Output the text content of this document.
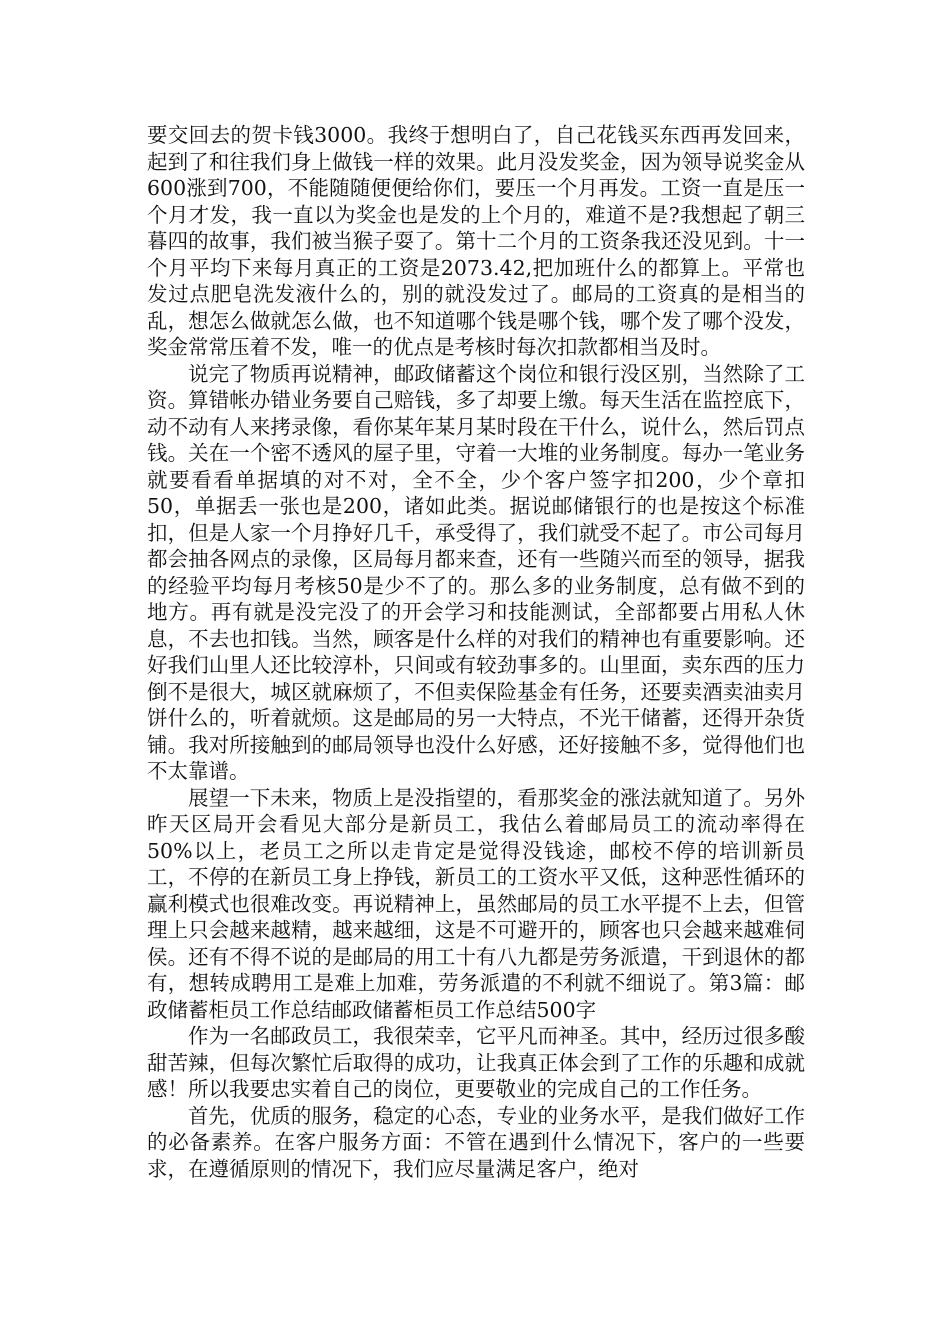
要交回去的贺卡钱3000。我终于想明白了，自己花钱买东西再发回来，起到了和往我们身上做钱一样的效果。此月没发奖金，因为领导说奖金从600涨到700，不能随随便便给你们，要压一个月再发。工资一直是压一个月才发，我一直以为奖金也是发的上个月的，难道不是?我想起了朝三暮四的故事，我们被当猴子耍了。第十二个月的工资条我还没见到。十一个月平均下来每月真正的工资是2073.42,把加班什么的都算上。平常也发过点肥皂洗发液什么的，别的就没发过了。邮局的工资真的是相当的乱，想怎么做就怎么做，也不知道哪个钱是哪个钱，哪个发了哪个没发，奖金常常压着不发，唯一的优点是考核时每次扣款都相当及时。

说完了物质再说精神，邮政储蓄这个岗位和银行没区别，当然除了工资。算错帐办错业务要自己赔钱，多了却要上缴。每天生活在监控底下，动不动有人来拷录像，看你某年某月某时段在干什么，说什么，然后罚点钱。关在一个密不透风的屋子里，守着一大堆的业务制度。每办一笔业务就要看看单据填的对不对，全不全，少个客户签字扣200，少个章扣50，单据丢一张也是200，诸如此类。据说邮储银行的也是按这个标准扣，但是人家一个月挣好几千，承受得了，我们就受不起了。市公司每月都会抽各网点的录像，区局每月都来查，还有一些随兴而至的领导，据我的经验平均每月考核50是少不了的。那么多的业务制度，总有做不到的地方。再有就是没完没了的开会学习和技能测试，全部都要占用私人休息，不去也扣钱。当然，顾客是什么样的对我们的精神也有重要影响。还好我们山里人还比较淳朴，只间或有较劲事多的。山里面，卖东西的压力倒不是很大，城区就麻烦了，不但卖保险基金有任务，还要卖酒卖油卖月饼什么的，听着就烦。这是邮局的另一大特点，不光干储蓄，还得开杂货铺。我对所接触到的邮局领导也没什么好感，还好接触不多，觉得他们也不太靠谱。

展望一下未来，物质上是没指望的，看那奖金的涨法就知道了。另外昨天区局开会看见大部分是新员工，我估么着邮局员工的流动率得在50%以上，老员工之所以走肯定是觉得没钱途，邮校不停的培训新员工，不停的在新员工身上挣钱，新员工的工资水平又低，这种恶性循环的赢利模式也很难改变。再说精神上，虽然邮局的员工水平提不上去，但管理上只会越来越精，越来越细，这是不可避开的，顾客也只会越来越难伺侯。还有不得不说的是邮局的用工十有八九都是劳务派遣，干到退休的都有，想转成聘用工是难上加难，劳务派遣的不利就不细说了。第3篇：邮政储蓄柜员工作总结邮政储蓄柜员工作总结500字

作为一名邮政员工，我很荣幸，它平凡而神圣。其中，经历过很多酸甜苦辣，但每次繁忙后取得的成功，让我真正体会到了工作的乐趣和成就感！所以我要忠实着自己的岗位，更要敬业的完成自己的工作任务。

首先，优质的服务，稳定的心态，专业的业务水平，是我们做好工作的必备素养。在客户服务方面：不管在遇到什么情况下，客户的一些要求，在遵循原则的情况下，我们应尽量满足客户，绝对
